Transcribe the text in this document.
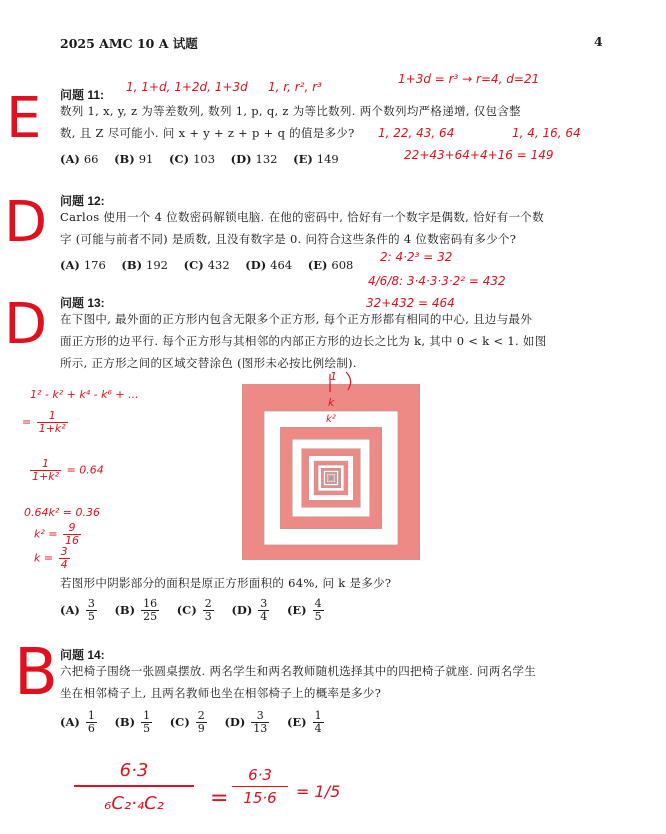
2025 AMC 10 A 试题	4
问题 11:
数列 1, x, y, z 为等差数列, 数列 1, p, q, z 为等比数列. 两个数列均严格递增, 仅包含整
数, 且 Z 尽可能小. 问 x + y + z + p + q 的值是多少?
(A) 66 (B) 91 (C) 103 (D) 132 (E) 149
E	1, 1+d, 1+2d, 1+3d 1, r, r², r³
1+3d = r³ → r=4, d=21
1, 22, 43, 64	1, 4, 16, 64
22+43+64+4+16 = 149
问题 12:
Carlos 使用一个 4 位数密码解锁电脑. 在他的密码中, 恰好有一个数字是偶数, 恰好有一个数
字 (可能与前者不同) 是质数, 且没有数字是 0. 问符合这些条件的 4 位数密码有多少个?
(A) 176 (B) 192 (C) 432 (D) 464 (E) 608
D
2: 4·2³ = 32
4/6/8: 3·4·3·3·2² = 432
32+432 = 464
问题 13:
在下图中, 最外面的正方形内包含无限多个正方形, 每个正方形都有相同的中心, 且边与最外
面正方形的边平行. 每个正方形与其相邻的内部正方形的边长之比为 k, 其中 0 < k < 1. 如图
所示, 正方形之间的区域交替涂色 (图形未必按比例绘制).
若图形中阴影部分的面积是原正方形面积的 64%, 问 k 是多少?
$(A) \frac{3}{5} (B) \frac{16}{25} (C) \frac{2}{3} (D) \frac{3}{4} (E) \frac{4}{5}$
D
1² - k² + k⁴ - k⁶ + ...
= $\frac{1}{\text{1+k²}}$
$\frac{1}{\text{1+k²}} = 0.64$
0.64k² = 0.36
$k^2 = \frac{9}{16}$
$k = \frac{3}{4}$
1
k
k²
问题 14:
六把椅子围绕一张圆桌摆放. 两名学生和两名教师随机选择其中的四把椅子就座. 问两名学生
坐在相邻椅子上, 且两名教师也坐在相邻椅子上的概率是多少?
$(A) \frac{1}{6} (B) \frac{1}{5} (C) \frac{2}{9} (D) \frac{3}{13} (E) \frac{1}{4}$
B
6·3
₆C₂·₄C₂	=
6·3
15·6	= 1/5
